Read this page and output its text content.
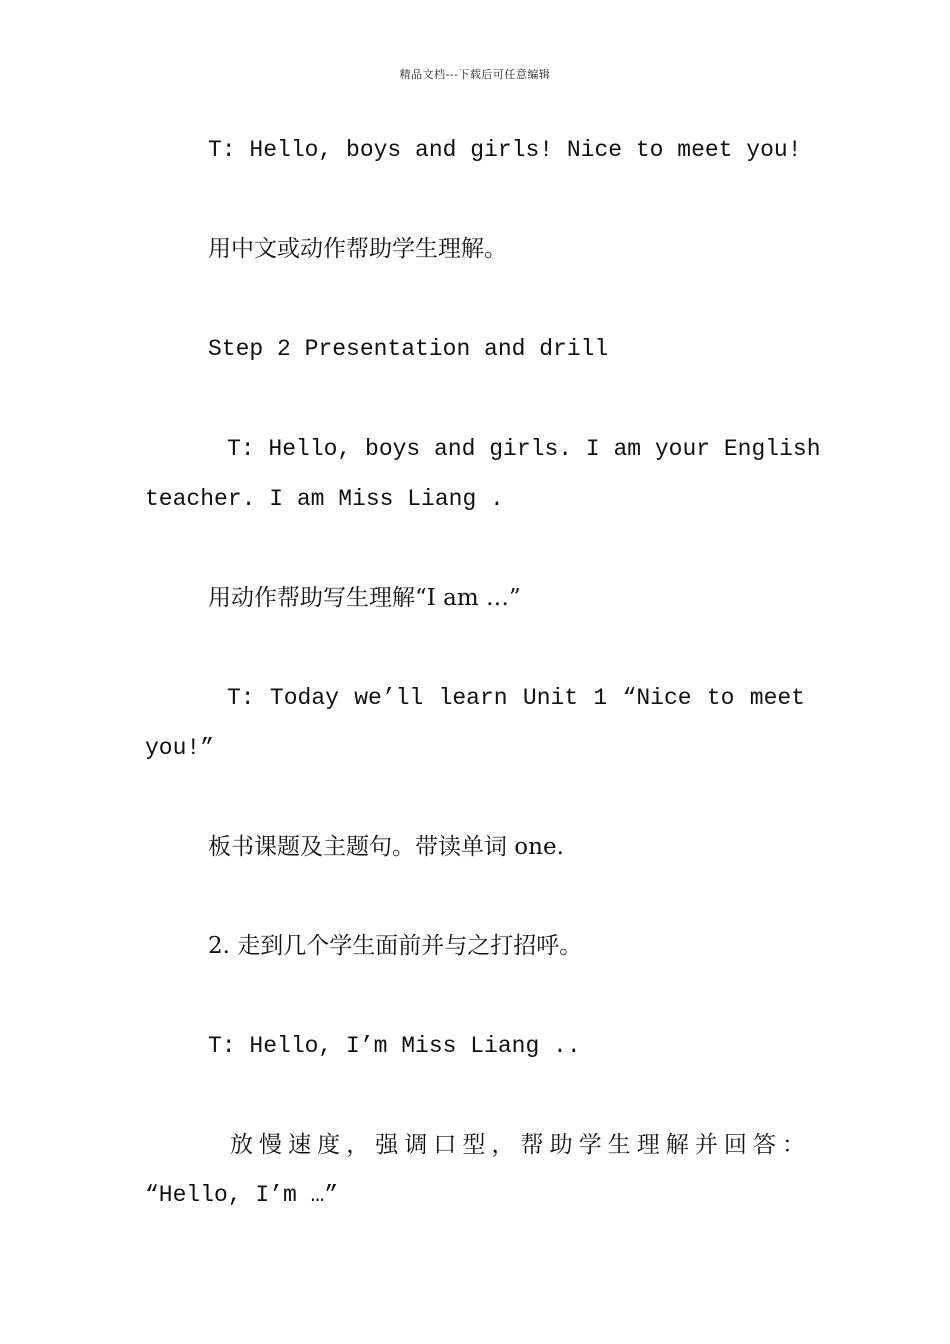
精品文档---下载后可任意编辑
T: Hello, boys and girls! Nice to meet you!
用中文或动作帮助学生理解。
Step 2 Presentation and drill
T: Hello, boys and girls. I am your English
teacher. I am Miss Liang .
用动作帮助写生理解“I am …”
T: Today we’ll learn Unit 1 “Nice to meet
you!”
板书课题及主题句。带读单词 one.
2. 走到几个学生面前并与之打招呼。
T: Hello, I’m Miss Liang ..
放慢速度，强调口型，帮助学生理解并回答：
“Hello, I’m …”
